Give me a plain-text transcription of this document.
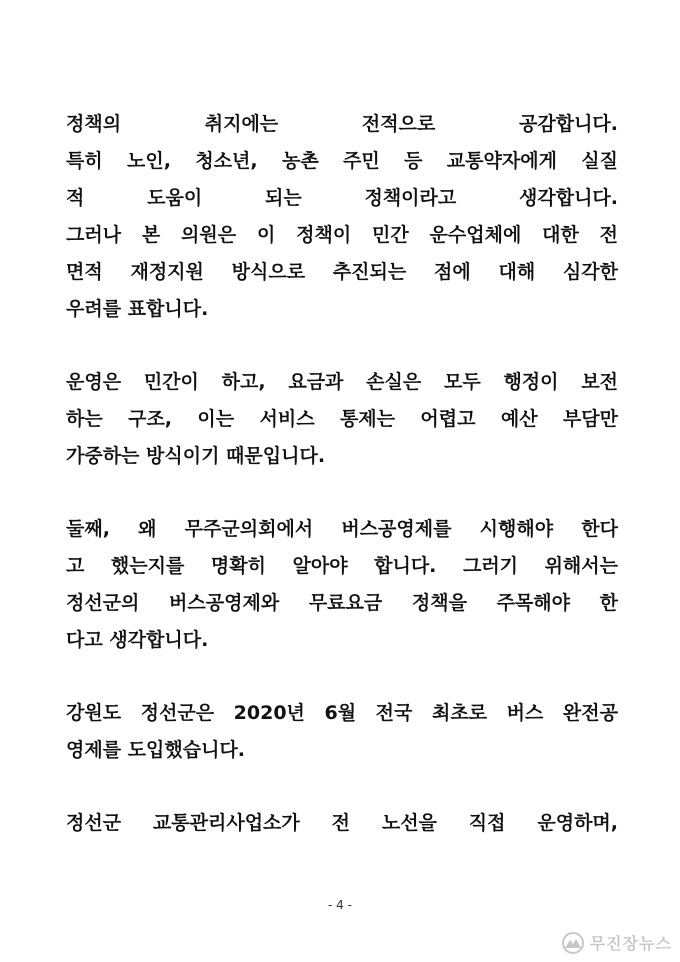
정책의 취지에는 전적으로 공감합니다.
특히 노인, 청소년, 농촌 주민 등 교통약자에게 실질
적 도움이 되는 정책이라고 생각합니다.
그러나 본 의원은 이 정책이 민간 운수업체에 대한 전
면적 재정지원 방식으로 추진되는 점에 대해 심각한
우려를 표합니다.
운영은 민간이 하고, 요금과 손실은 모두 행정이 보전
하는 구조, 이는 서비스 통제는 어렵고 예산 부담만
가중하는 방식이기 때문입니다.
둘째, 왜 무주군의회에서 버스공영제를 시행해야 한다
고 했는지를 명확히 알아야 합니다. 그러기 위해서는
정선군의 버스공영제와 무료요금 정책을 주목해야 한
다고 생각합니다.
강원도 정선군은 2020년 6월 전국 최초로 버스 완전공
영제를 도입했습니다.
정선군 교통관리사업소가 전 노선을 직접 운영하며,
- 4 -
무진장뉴스
